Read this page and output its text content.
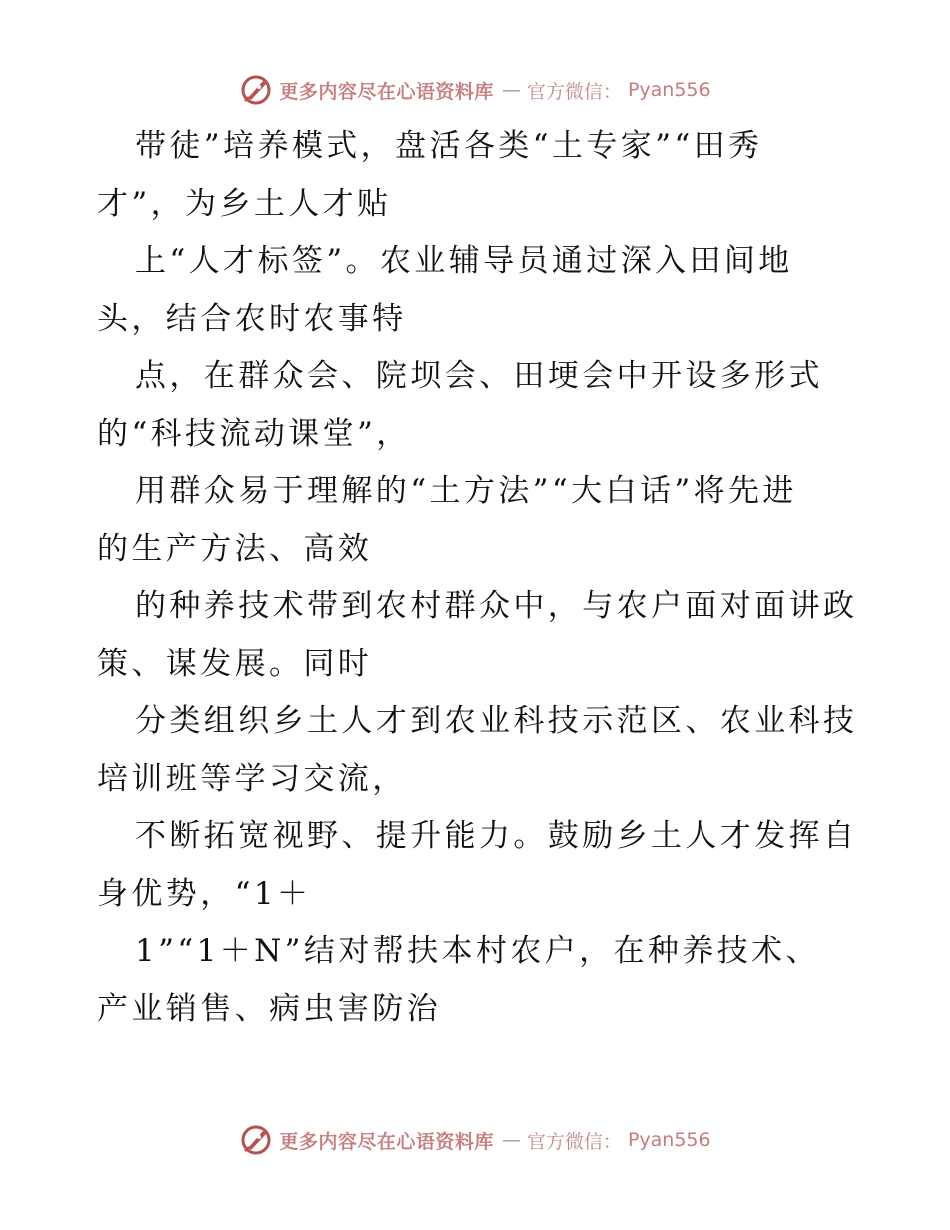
更多内容尽在心语资料库 — 官方微信： Pyan556
带徒”培养模式，盘活各类“土专家”“田秀
才”，为乡土人才贴
上“人才标签”。农业辅导员通过深入田间地
头，结合农时农事特
点，在群众会、院坝会、田埂会中开设多形式
的“科技流动课堂”，
用群众易于理解的“土方法”“大白话”将先进
的生产方法、高效
的种养技术带到农村群众中，与农户面对面讲政
策、谋发展。同时
分类组织乡土人才到农业科技示范区、农业科技
培训班等学习交流，
不断拓宽视野、提升能力。鼓励乡土人才发挥自
身优势，“1＋
1”“1＋N”结对帮扶本村农户，在种养技术、
产业销售、病虫害防治
更多内容尽在心语资料库 — 官方微信： Pyan556
